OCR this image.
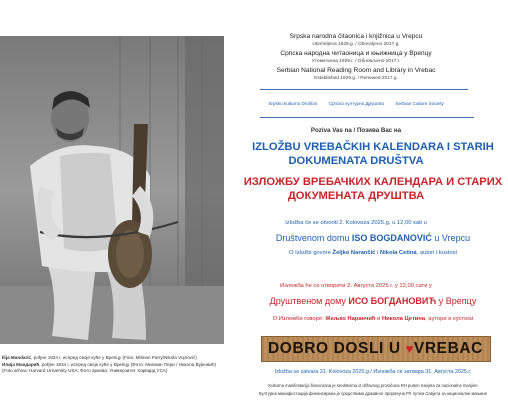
Ilija Mandarić, рођен 1934 г, испред своје куће у Врепцу (Foto: Milman Parry/Nikola Vujnović)
Илија Мандарић, рођен 1934 г. испред своје куће у Врепцу (Фото: Милман Пери / Никола Вујновић)
(Foto arhiva: Harvard University USA; Фото архива: Универзитет Харвард УСА)
Srpska narodna čitaonica i knjižnica u Vrepcu
Utemeljena 1929.g. / Obnovljeno 2017.g.
Српска народна читаоница и књижница у Врепцу
Утемељена 1929.г. / Обновљено 2017.г.
Serbian National Reading Room and Library in Vrebac
Established 1929.g. / Renewed 2017.g.
Srpsko kulturno Društvo Српско културно Друштво Serbian Culture Society
Poziva Vas na / Позива Вас на
IZLOŽBU VREBAČKIH KALENDARA I STARIH
DOKUMENATA DRUŠTVA
ИЗЛОЖБУ ВРЕБАЧКИХ КАЛЕНДАРА И СТАРИХ
ДОКУМЕНАТА ДРУШТВА
Izložba će se otvoriti 2. Kolovoza 2025.g. u 12,00 sati u
Društvenom domu ISO BOGDANOVIĆ u Vrepcu
O Izložbi govore Željko Narančić i Nikola Cetina, autori i kustosi
Изложба ће се отворити 2. Августа 2025.г. у 12,00 сати у
Друштвеном дому ИСО БОГДАНОВИЋ у Врепцу
О Изложби говоре: Жељко Наранчић и Никола Цетина, аутори и кустоси
DOBRO DOSLI U ♥VREBAC
Izložba se zatvara 31. Kolovoza 2025.g./ Изложба се затвара 31. Августа 2025.г.
Kulturna manifestacija financirana je sredstvima iz državnog proračuna RH putem Savjeta za nacionalne manjine
Културна манифестација финансирана је средствима државног прорачуна РХ путем Савјета за националне мањине
